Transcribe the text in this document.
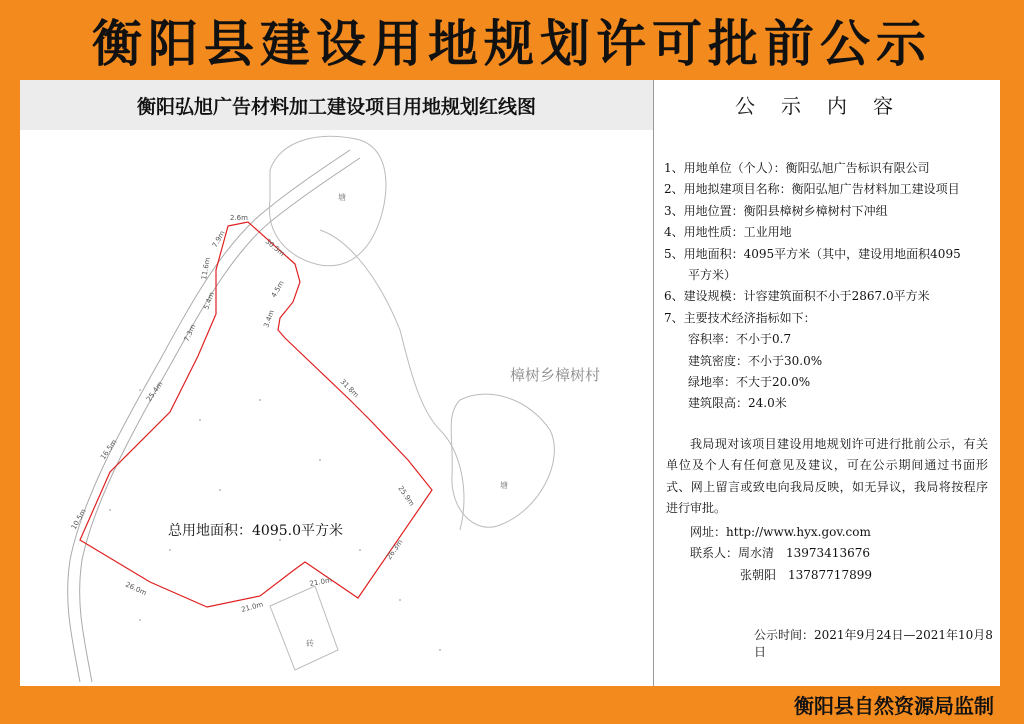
衡阳县建设用地规划许可批前公示
衡阳弘旭广告材料加工建设项目用地规划红线图
塘
塘
砖
2.6m
30.5m
4.5m
3.4m
31.8m
25.9m
26.3m
21.0m
21.0m
26.0m
10.5m
16.5m
25.4m
7.3m
5.4m
11.6m
7.9m
樟树乡樟树村
总用地面积：4095.0平方米
公示内容
1、用地单位（个人）：衡阳弘旭广告标识有限公司
2、用地拟建项目名称：衡阳弘旭广告材料加工建设项目
3、用地位置：衡阳县樟树乡樟树村下冲组
4、用地性质：工业用地
5、用地面积：4095平方米（其中，建设用地面积4095
平方米）
6、建设规模：计容建筑面积不小于2867.0平方米
7、主要技术经济指标如下：
容积率：不小于0.7
建筑密度：不小于30.0%
绿地率：不大于20.0%
建筑限高：24.0米
我局现对该项目建设用地规划许可进行批前公示，有关单位及个人有任何意见及建议，可在公示期间通过书面形式、网上留言或致电向我局反映，如无异议，我局将按程序进行审批。
网址：http://www.hyx.gov.com
联系人：周水清　13973413676
张朝阳　13787717899
公示时间：2021年9月24日—2021年10月8日
衡阳县自然资源局监制
